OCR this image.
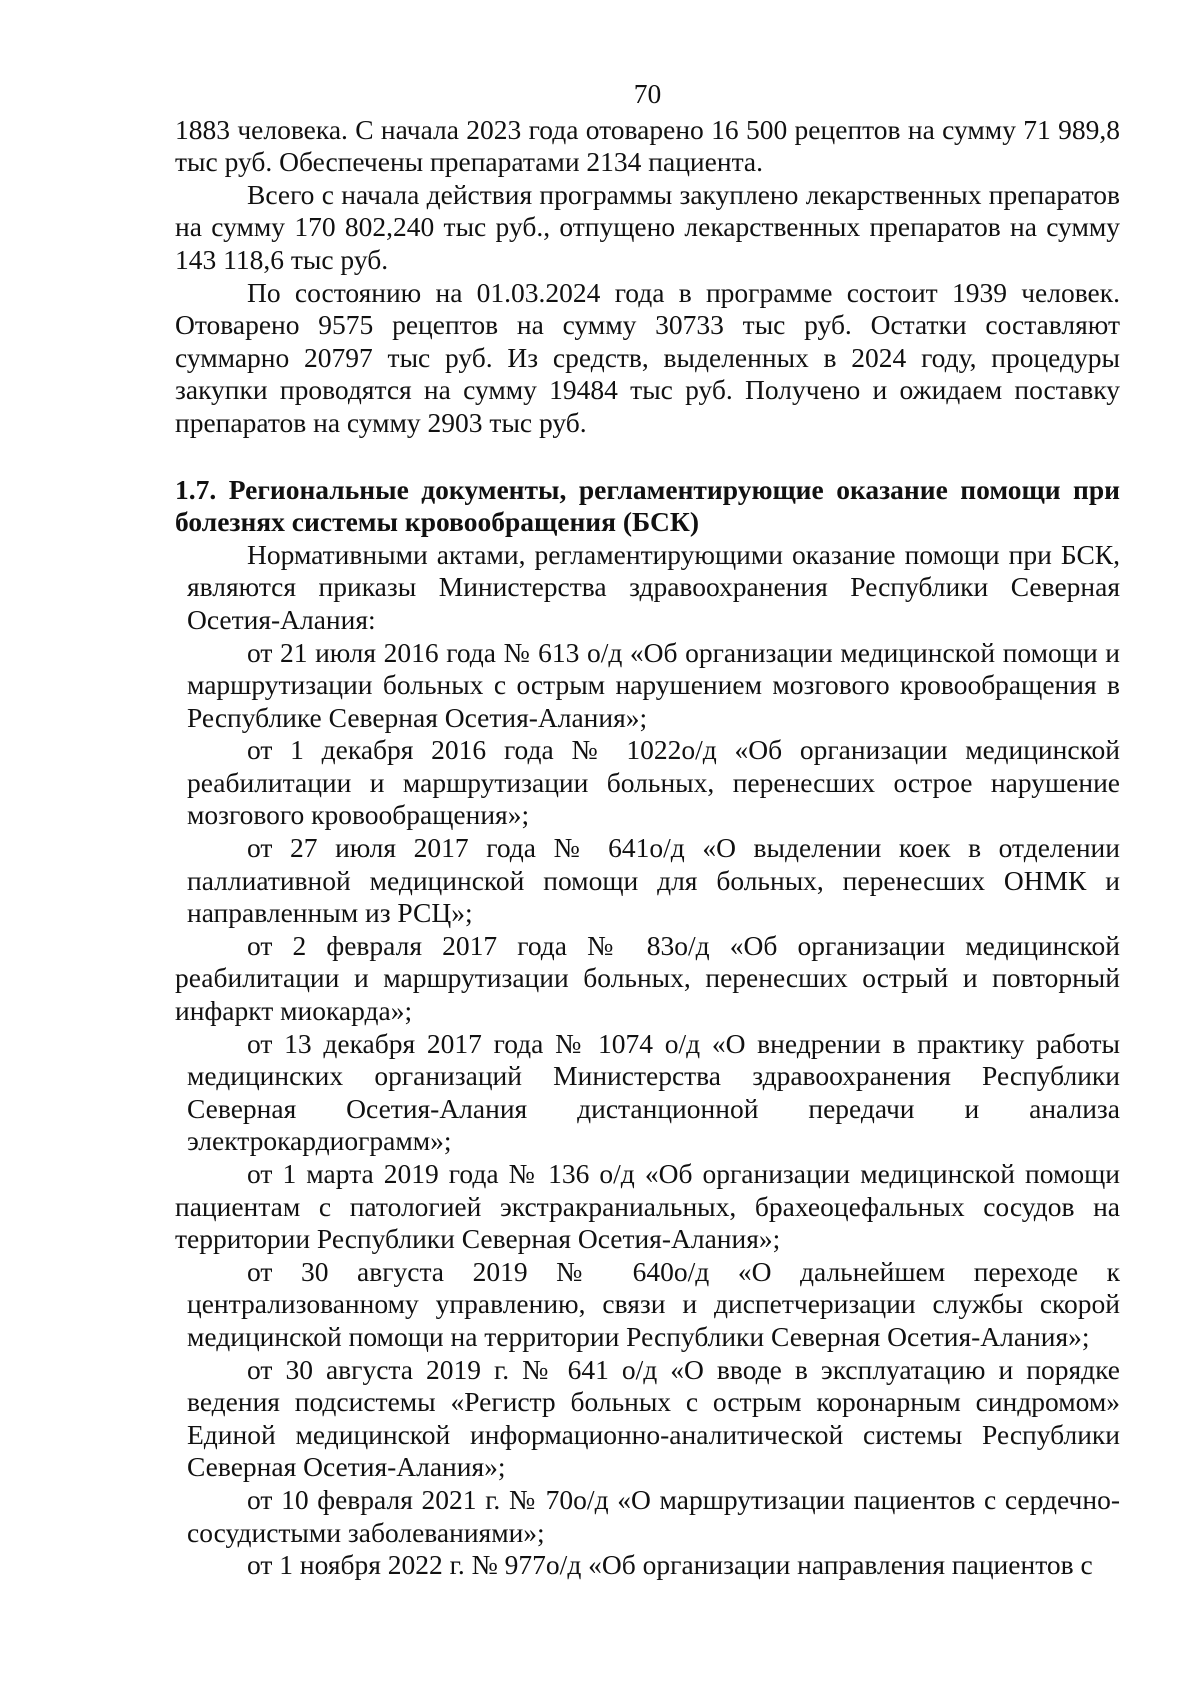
70

1883 человека. С начала 2023 года отоварено 16 500 рецептов на сумму 71 989,8 тыс руб. Обеспечены препаратами 2134 пациента.

Всего с начала действия программы закуплено лекарственных препаратов на сумму 170 802,240 тыс руб., отпущено лекарственных препаратов на сумму 143 118,6 тыс руб.

По состоянию на 01.03.2024 года в программе состоит 1939 человек. Отоварено 9575 рецептов на сумму 30733 тыс руб. Остатки составляют суммарно 20797 тыс руб. Из средств, выделенных в 2024 году, процедуры закупки проводятся на сумму 19484 тыс руб. Получено и ожидаем поставку препаратов на сумму 2903 тыс руб.

1.7. Региональные документы, регламентирующие оказание помощи при болезнях системы кровообращения (БСК)

Нормативными актами, регламентирующими оказание помощи при БСК, являются приказы Министерства здравоохранения Республики Северная Осетия-Алания:

от 21 июля 2016 года № 613 о/д «Об организации медицинской помощи и маршрутизации больных с острым нарушением мозгового кровообращения в Республике Северная Осетия-Алания»;

от 1 декабря 2016 года № 1022о/д «Об организации медицинской реабилитации и маршрутизации больных, перенесших острое нарушение мозгового кровообращения»;

от 27 июля 2017 года № 641о/д «О выделении коек в отделении паллиативной медицинской помощи для больных, перенесших ОНМК и направленным из РСЦ»;

от 2 февраля 2017 года № 83о/д «Об организации медицинской реабилитации и маршрутизации больных, перенесших острый и повторный инфаркт миокарда»;

от 13 декабря 2017 года № 1074 о/д «О внедрении в практику работы медицинских организаций Министерства здравоохранения Республики Северная Осетия-Алания дистанционной передачи и анализа электрокардиограмм»;

от 1 марта 2019 года № 136 о/д «Об организации медицинской помощи пациентам с патологией экстракраниальных, брахеоцефальных сосудов на территории Республики Северная Осетия-Алания»;

от 30 августа 2019 № 640о/д «О дальнейшем переходе к централизованному управлению, связи и диспетчеризации службы скорой медицинской помощи на территории Республики Северная Осетия-Алания»;

от 30 августа 2019 г. № 641 о/д «О вводе в эксплуатацию и порядке ведения подсистемы «Регистр больных с острым коронарным синдромом» Единой медицинской информационно-аналитической системы Республики Северная Осетия-Алания»;

от 10 февраля 2021 г. № 70о/д «О маршрутизации пациентов с сердечно-сосудистыми заболеваниями»;

от 1 ноября 2022 г. № 977о/д «Об организации направления пациентов с
